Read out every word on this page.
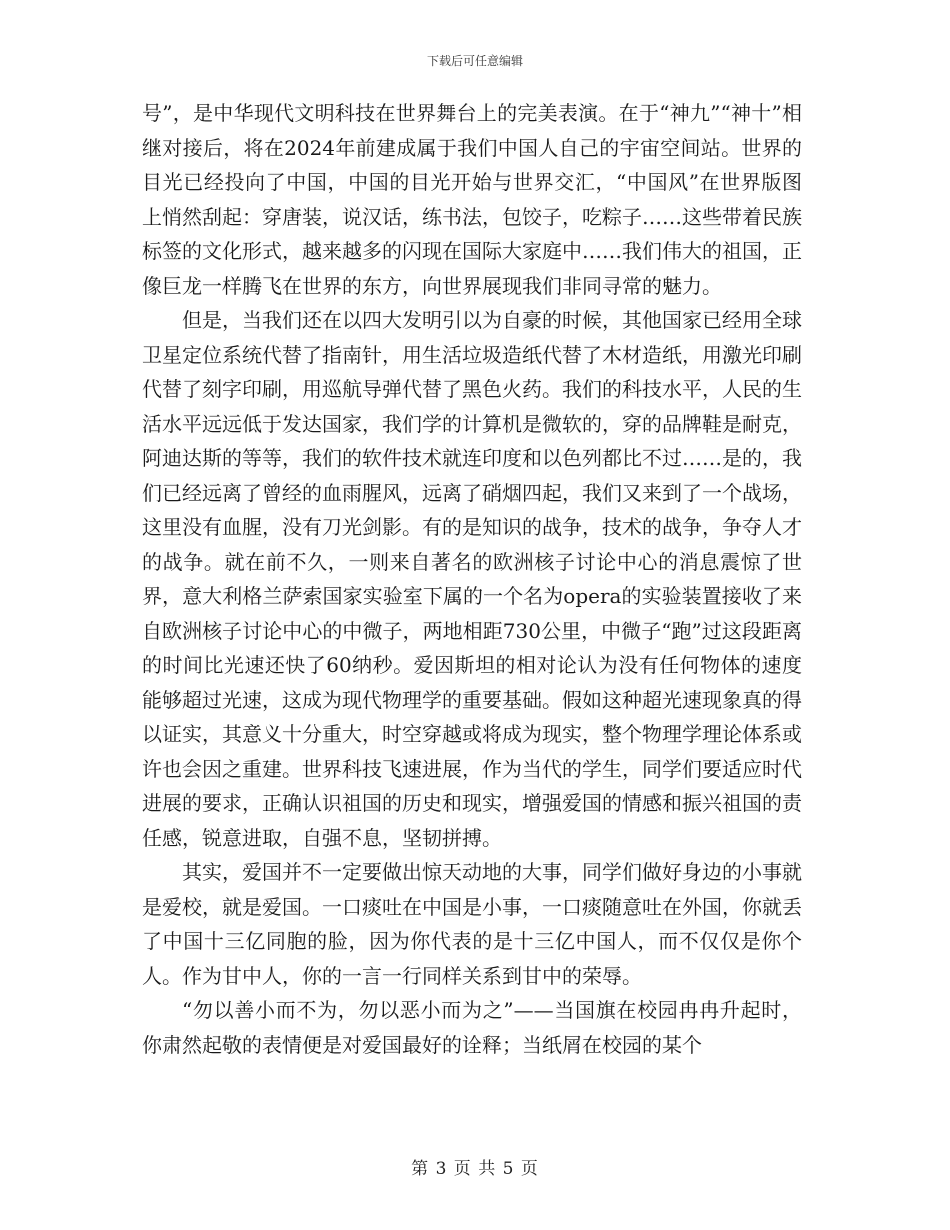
下载后可任意编辑

号”，是中华现代文明科技在世界舞台上的完美表演。在于“神九”“神十”相继对接后，将在2024年前建成属于我们中国人自己的宇宙空间站。世界的目光已经投向了中国，中国的目光开始与世界交汇，“中国风”在世界版图上悄然刮起：穿唐装，说汉话，练书法，包饺子，吃粽子……这些带着民族标签的文化形式，越来越多的闪现在国际大家庭中……我们伟大的祖国，正像巨龙一样腾飞在世界的东方，向世界展现我们非同寻常的魅力。

但是，当我们还在以四大发明引以为自豪的时候，其他国家已经用全球卫星定位系统代替了指南针，用生活垃圾造纸代替了木材造纸，用激光印刷代替了刻字印刷，用巡航导弹代替了黑色火药。我们的科技水平，人民的生活水平远远低于发达国家，我们学的计算机是微软的，穿的品牌鞋是耐克，阿迪达斯的等等，我们的软件技术就连印度和以色列都比不过……是的，我们已经远离了曾经的血雨腥风，远离了硝烟四起，我们又来到了一个战场，这里没有血腥，没有刀光剑影。有的是知识的战争，技术的战争，争夺人才的战争。就在前不久，一则来自著名的欧洲核子讨论中心的消息震惊了世界，意大利格兰萨索国家实验室下属的一个名为opera的实验装置接收了来自欧洲核子讨论中心的中微子，两地相距730公里，中微子“跑”过这段距离的时间比光速还快了60纳秒。爱因斯坦的相对论认为没有任何物体的速度能够超过光速，这成为现代物理学的重要基础。假如这种超光速现象真的得以证实，其意义十分重大，时空穿越或将成为现实，整个物理学理论体系或许也会因之重建。世界科技飞速进展，作为当代的学生，同学们要适应时代进展的要求，正确认识祖国的历史和现实，增强爱国的情感和振兴祖国的责任感，锐意进取，自强不息，坚韧拼搏。

其实，爱国并不一定要做出惊天动地的大事，同学们做好身边的小事就是爱校，就是爱国。一口痰吐在中国是小事，一口痰随意吐在外国，你就丢了中国十三亿同胞的脸，因为你代表的是十三亿中国人，而不仅仅是你个人。作为甘中人，你的一言一行同样关系到甘中的荣辱。

“勿以善小而不为，勿以恶小而为之”——当国旗在校园冉冉升起时，你肃然起敬的表情便是对爱国最好的诠释；当纸屑在校园的某个

第 3 页 共 5 页
